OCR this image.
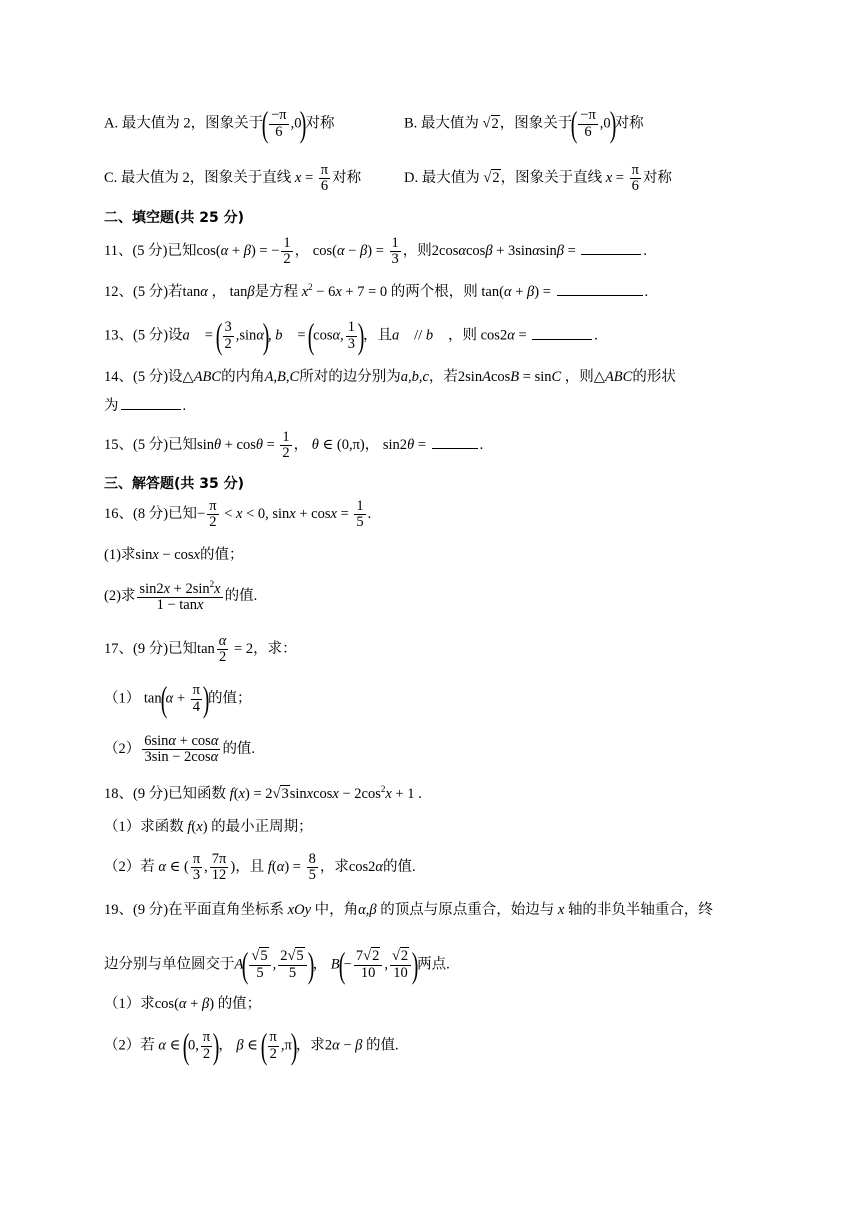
A. 最大值为 2，图象关于( $\frac{-\pi}{6} ,0$)对称	B. 最大值为 √2，图象关于( $\frac{-\pi}{6} ,0$)对称
C. 最大值为 2，图象关于直线 $x = \frac{\pi}{6}$ 对称	D. 最大值为 √2，图象关于直线 $x = \frac{\pi}{6}$ 对称
二、填空题(共 25 分)
11、(5 分)已知cos(α + β) = − $\frac{1}{2}$ ， $\cos(\alpha - \beta) = \frac{1}{3}$ ，则2cosαcosβ + 3sinαsinβ =	.
12、(5 分)若tanα ， tanβ是方程 $x^2 - 6x + 7 = 0$ 的两个根，则 tan(α + β) =	.
13、(5 分)设a⃗ = ( $\frac{3}{2} ,\sin\alpha$), b⃗ = (cosα, $\frac{1}{3}$ )，且a⃗ // b⃗ ，则 cos2α =	.
14、(5 分)设△ABC的内角A,B,C所对的边分别为a,b,c，若2sinAcosB = sinC ，则△ABC的形状
为	.
15、(5 分)已知$\sin\theta + \cos\theta = \frac{1}{2}$ ， θ ∈ (0,π)， sin2θ =	.
三、解答题(共 35 分)
16、(8 分)已知− $\frac{\pi}{2} < x < 0$, $\sin x + \cos x = \frac{1}{5}$ .
(1)求sinx − cosx的值；
(2)求 $\frac{\sin 2x + 2\sin^2x}{1 - \tan x}$ 的值.
17、(9 分)已知$\tan \frac{\alpha}{2} = 2$，求：
（1） $\tan(\alpha + \frac{\pi}{4}$ )的值；
$(2) \frac{6\sin\alpha + \cos\alpha}{3\sin - 2\cos\alpha}$ 的值.
18、(9 分)已知函数 f(x) = 2√3sinxcosx − $2\cos^2x + 1$ .
（1）求函数 f(x) 的最小正周期；
（2）若 α ∈ ( $\frac{\pi}{3}$ , $\frac{7\pi}{12}$ )，且 $f(\alpha) = \frac{8}{5}$ ，求cos2α的值.
19、(9 分)在平面直角坐标系 xOy 中，角α,β 的顶点与原点重合，始边与 x 轴的非负半轴重合，终
边分别与单位圆交于$A( \frac{√5}{5}$ , $\frac{2√5}{5}$ )， $B(- \frac{7√2}{10}$ , $\frac{√2}{10}$ )两点.
（1）求cos(α + β) 的值；
（2）若 α ∈ (0, $\frac{\pi}{2}$ )， β ∈ ( $\frac{\pi}{2} ,\pi$)，求2α − β 的值.
